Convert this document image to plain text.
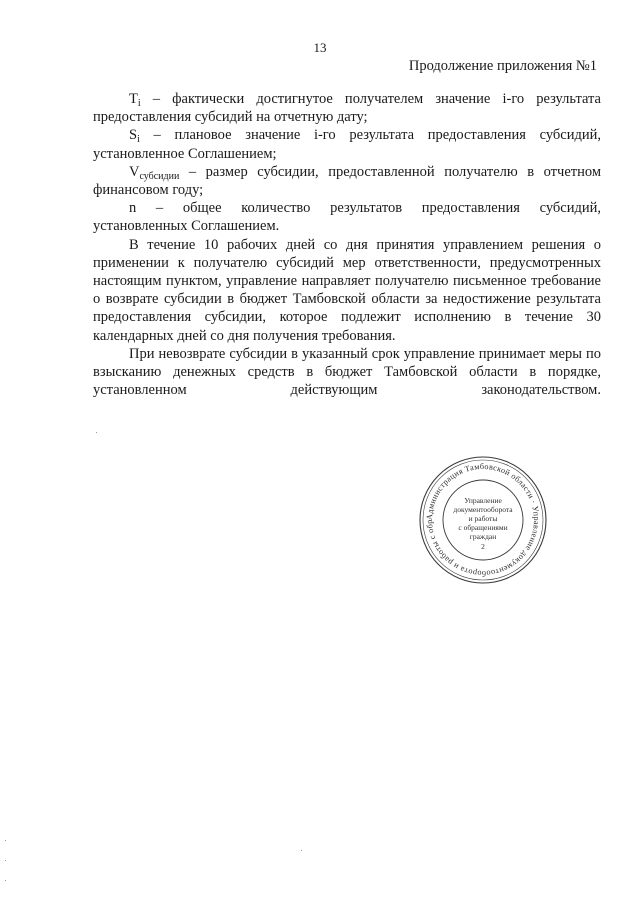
13
Продолжение приложения №1

$T_i$ – фактически достигнутое получателем значение i-го результата предоставления субсидий на отчетную дату;

$S_i$ – плановое значение i-го результата предоставления субсидий, установленное Соглашением;

$V_{субсидии}$ – размер субсидии, предоставленной получателю в отчетном финансовом году;

n – общее количество результатов предоставления субсидий, установленных Соглашением.

В течение 10 рабочих дней со дня принятия управлением решения о применении к получателю субсидий мер ответственности, предусмотренных настоящим пунктом, управление направляет получателю письменное требование о возврате субсидии в бюджет Тамбовской области за недостижение результата предоставления субсидии, которое подлежит исполнению в течение 30 календарных дней со дня получения требования.

При невозврате субсидии в указанный срок управление принимает меры по взысканию денежных средств в бюджет Тамбовской области в порядке, установленном действующим законодательством.

Администрация Тамбовской области · Управление документооборота и работы с обр
Управление
документооборота
и работы
с обращениями
граждан
2
